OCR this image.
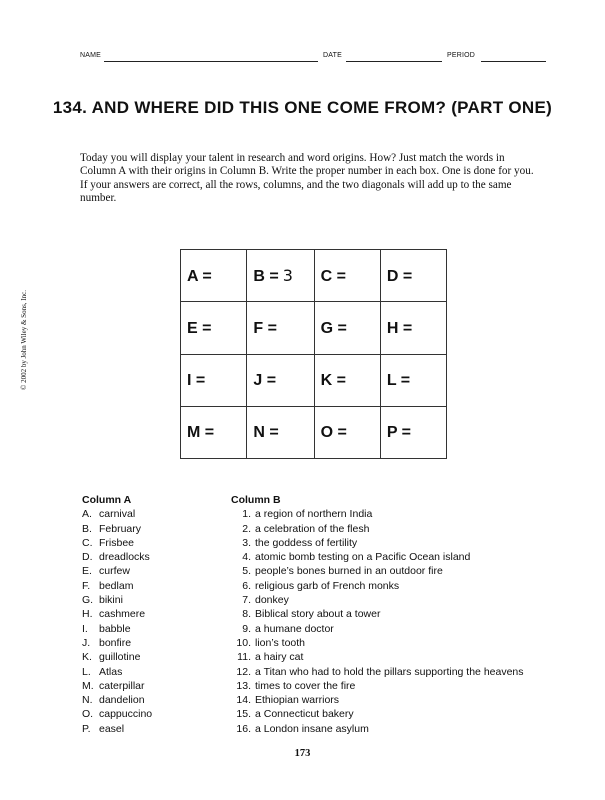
NAME	DATE	PERIOD
134. AND WHERE DID THIS ONE COME FROM? (PART ONE)
Today you will display your talent in research and word origins. How? Just match the words in Column A with their origins in Column B. Write the proper number in each box. One is done for you. If your answers are correct, all the rows, columns, and the two diagonals will add up to the same number.
A =	B = 3	C =	D =
E =	F =	G =	H =
I =	J =	K =	L =
M =	N =	O =	P =
© 2002 by John Wiley & Sons, Inc.
Column A
A. carnival
B. February
C. Frisbee
D. dreadlocks
E. curfew
F. bedlam
G. bikini
H. cashmere
I.	babble
J. bonfire
K. guillotine
L. Atlas
M. caterpillar
N. dandelion
O. cappuccino
P. easel
Column B
1. a region of northern India
2. a celebration of the flesh
3. the goddess of fertility
4. atomic bomb testing on a Pacific Ocean island
5. people’s bones burned in an outdoor fire
6. religious garb of French monks
7. donkey
8. Biblical story about a tower
9. a humane doctor
10. lion’s tooth
11. a hairy cat
12. a Titan who had to hold the pillars supporting the heavens
13. times to cover the fire
14. Ethiopian warriors
15. a Connecticut bakery
16. a London insane asylum
173
